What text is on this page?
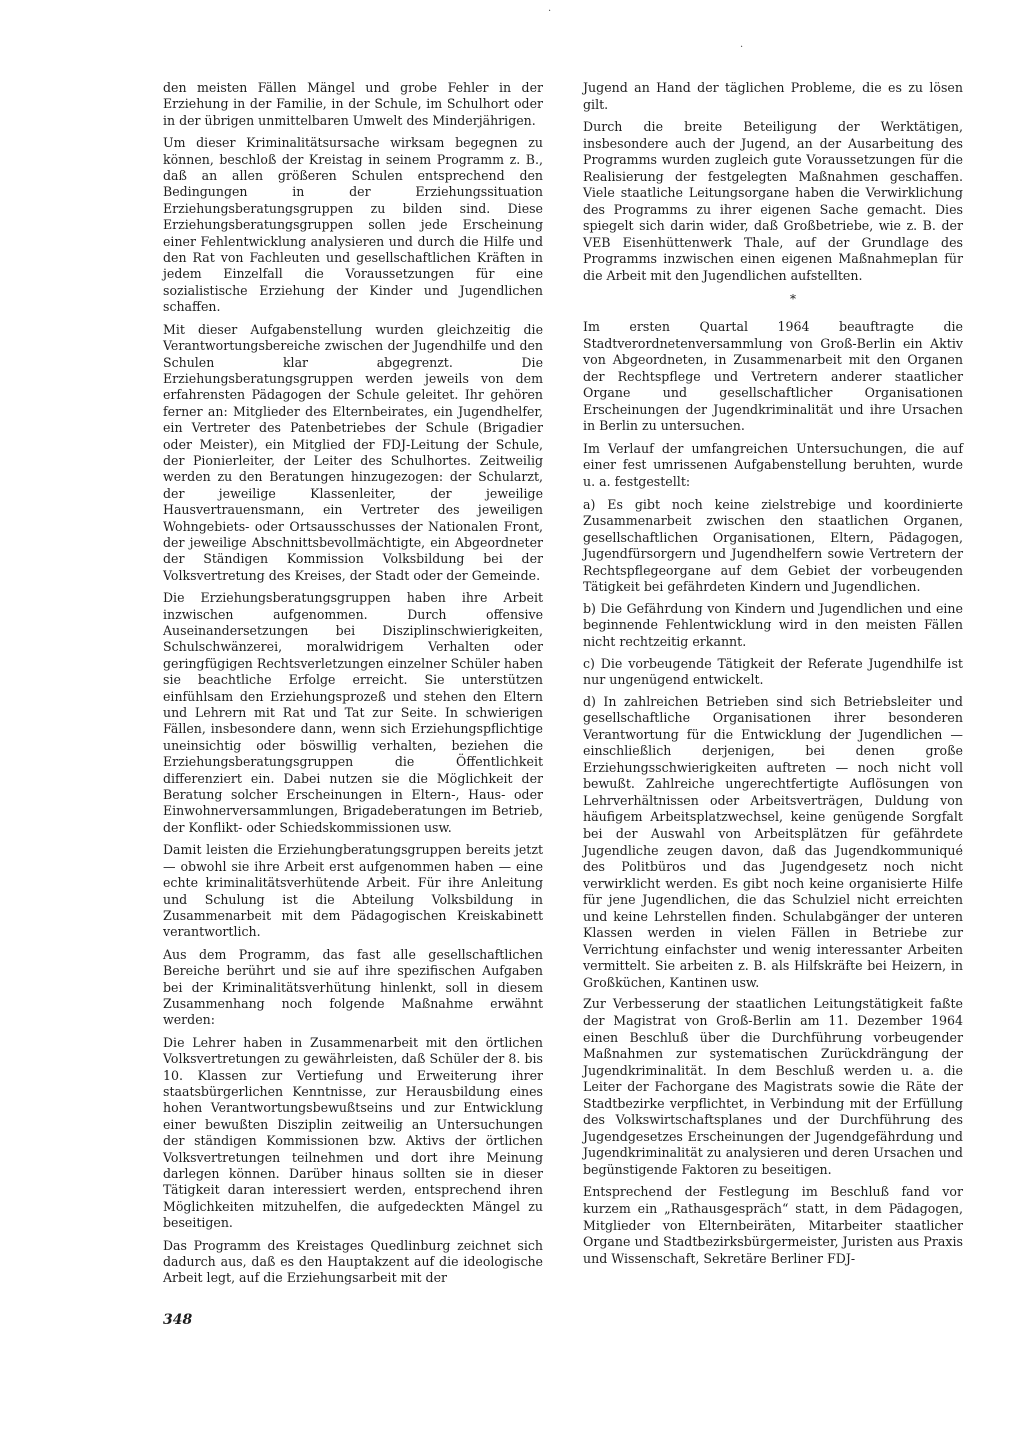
·
·

den meisten Fällen Mängel und grobe Fehler in der Erziehung in der Familie, in der Schule, im Schulhort oder in der übrigen unmittelbaren Umwelt des Minderjährigen.

Um dieser Kriminalitätsursache wirksam begegnen zu können, beschloß der Kreistag in seinem Programm z. B., daß an allen größeren Schulen entsprechend den Bedingungen in der Erziehungssituation Erziehungsberatungsgruppen zu bilden sind. Diese Erziehungsberatungsgruppen sollen jede Erscheinung einer Fehlentwicklung analysieren und durch die Hilfe und den Rat von Fachleuten und gesellschaftlichen Kräften in jedem Einzelfall die Voraussetzungen für eine sozialistische Erziehung der Kinder und Jugendlichen schaffen.

Mit dieser Aufgabenstellung wurden gleichzeitig die Verantwortungsbereiche zwischen der Jugendhilfe und den Schulen klar abgegrenzt. Die Erziehungsberatungsgruppen werden jeweils von dem erfahrensten Pädagogen der Schule geleitet. Ihr gehören ferner an: Mitglieder des Elternbeirates, ein Jugendhelfer, ein Vertreter des Patenbetriebes der Schule (Brigadier oder Meister), ein Mitglied der FDJ-Leitung der Schule, der Pionierleiter, der Leiter des Schulhortes. Zeitweilig werden zu den Beratungen hinzugezogen: der Schularzt, der jeweilige Klassenleiter, der jeweilige Hausvertrauensmann, ein Vertreter des jeweiligen Wohngebiets- oder Ortsausschusses der Nationalen Front, der jeweilige Abschnittsbevollmächtigte, ein Abgeordneter der Ständigen Kommission Volksbildung bei der Volksvertretung des Kreises, der Stadt oder der Gemeinde.

Die Erziehungsberatungsgruppen haben ihre Arbeit inzwischen aufgenommen. Durch offensive Auseinandersetzungen bei Disziplinschwierigkeiten, Schulschwänzerei, moralwidrigem Verhalten oder geringfügigen Rechtsverletzungen einzelner Schüler haben sie beachtliche Erfolge erreicht. Sie unterstützen einfühlsam den Erziehungsprozeß und stehen den Eltern und Lehrern mit Rat und Tat zur Seite. In schwierigen Fällen, insbesondere dann, wenn sich Erziehungspflichtige uneinsichtig oder böswillig verhalten, beziehen die Erziehungsberatungsgruppen die Öffentlichkeit differenziert ein. Dabei nutzen sie die Möglichkeit der Beratung solcher Erscheinungen in Eltern-, Haus- oder Einwohnerversammlungen, Brigadeberatungen im Betrieb, der Konflikt- oder Schiedskommissionen usw.

Damit leisten die Erziehungberatungsgruppen bereits jetzt — obwohl sie ihre Arbeit erst aufgenommen haben — eine echte kriminalitätsverhütende Arbeit. Für ihre Anleitung und Schulung ist die Abteilung Volksbildung in Zusammenarbeit mit dem Pädagogischen Kreiskabinett verantwortlich.

Aus dem Programm, das fast alle gesellschaftlichen Bereiche berührt und sie auf ihre spezifischen Aufgaben bei der Kriminalitätsverhütung hinlenkt, soll in diesem Zusammenhang noch folgende Maßnahme erwähnt werden:

Die Lehrer haben in Zusammenarbeit mit den örtlichen Volksvertretungen zu gewährleisten, daß Schüler der 8. bis 10. Klassen zur Vertiefung und Erweiterung ihrer staatsbürgerlichen Kenntnisse, zur Herausbildung eines hohen Verantwortungsbewußtseins und zur Entwicklung einer bewußten Disziplin zeitweilig an Untersuchungen der ständigen Kommissionen bzw. Aktivs der örtlichen Volksvertretungen teilnehmen und dort ihre Meinung darlegen können. Darüber hinaus sollten sie in dieser Tätigkeit daran interessiert werden, entsprechend ihren Möglichkeiten mitzuhelfen, die aufgedeckten Mängel zu beseitigen.

Das Programm des Kreistages Quedlinburg zeichnet sich dadurch aus, daß es den Hauptakzent auf die ideologische Arbeit legt, auf die Erziehungsarbeit mit der

Jugend an Hand der täglichen Probleme, die es zu lösen gilt.

Durch die breite Beteiligung der Werktätigen, insbesondere auch der Jugend, an der Ausarbeitung des Programms wurden zugleich gute Voraussetzungen für die Realisierung der festgelegten Maßnahmen geschaffen. Viele staatliche Leitungsorgane haben die Verwirklichung des Programms zu ihrer eigenen Sache gemacht. Dies spiegelt sich darin wider, daß Großbetriebe, wie z. B. der VEB Eisenhüttenwerk Thale, auf der Grundlage des Programms inzwischen einen eigenen Maßnahmeplan für die Arbeit mit den Jugendlichen aufstellten.

*

Im ersten Quartal 1964 beauftragte die Stadtverordnetenversammlung von Groß-Berlin ein Aktiv von Abgeordneten, in Zusammenarbeit mit den Organen der Rechtspflege und Vertretern anderer staatlicher Organe und gesellschaftlicher Organisationen Erscheinungen der Jugendkriminalität und ihre Ursachen in Berlin zu untersuchen.

Im Verlauf der umfangreichen Untersuchungen, die auf einer fest umrissenen Aufgabenstellung beruhten, wurde u. a. festgestellt:

a) Es gibt noch keine zielstrebige und koordinierte Zusammenarbeit zwischen den staatlichen Organen, gesellschaftlichen Organisationen, Eltern, Pädagogen, Jugendfürsorgern und Jugendhelfern sowie Vertretern der Rechtspflegeorgane auf dem Gebiet der vorbeugenden Tätigkeit bei gefährdeten Kindern und Jugendlichen.

b) Die Gefährdung von Kindern und Jugendlichen und eine beginnende Fehlentwicklung wird in den meisten Fällen nicht rechtzeitig erkannt.

c) Die vorbeugende Tätigkeit der Referate Jugendhilfe ist nur ungenügend entwickelt.

d) In zahlreichen Betrieben sind sich Betriebsleiter und gesellschaftliche Organisationen ihrer besonderen Verantwortung für die Entwicklung der Jugendlichen — einschließlich derjenigen, bei denen große Erziehungsschwierigkeiten auftreten — noch nicht voll bewußt. Zahlreiche ungerechtfertigte Auflösungen von Lehrverhältnissen oder Arbeitsverträgen, Duldung von häufigem Arbeitsplatzwechsel, keine genügende Sorgfalt bei der Auswahl von Arbeitsplätzen für gefährdete Jugendliche zeugen davon, daß das Jugendkommuniqué des Politbüros und das Jugendgesetz noch nicht verwirklicht werden. Es gibt noch keine organisierte Hilfe für jene Jugendlichen, die das Schulziel nicht erreichten und keine Lehrstellen finden. Schulabgänger der unteren Klassen werden in vielen Fällen in Betriebe zur Verrichtung einfachster und wenig interessanter Arbeiten vermittelt. Sie arbeiten z. B. als Hilfskräfte bei Heizern, in Großküchen, Kantinen usw.

Zur Verbesserung der staatlichen Leitungstätigkeit faßte der Magistrat von Groß-Berlin am 11. Dezember 1964 einen Beschluß über die Durchführung vorbeugender Maßnahmen zur systematischen Zurückdrängung der Jugendkriminalität. In dem Beschluß werden u. a. die Leiter der Fachorgane des Magistrats sowie die Räte der Stadtbezirke verpflichtet, in Verbindung mit der Erfüllung des Volkswirtschaftsplanes und der Durchführung des Jugendgesetzes Erscheinungen der Jugendgefährdung und Jugendkriminalität zu analysieren und deren Ursachen und begünstigende Faktoren zu beseitigen.

Entsprechend der Festlegung im Beschluß fand vor kurzem ein „Rathausgespräch“ statt, in dem Pädagogen, Mitglieder von Elternbeiräten, Mitarbeiter staatlicher Organe und Stadtbezirksbürgermeister, Juristen aus Praxis und Wissenschaft, Sekretäre Berliner FDJ-

348
